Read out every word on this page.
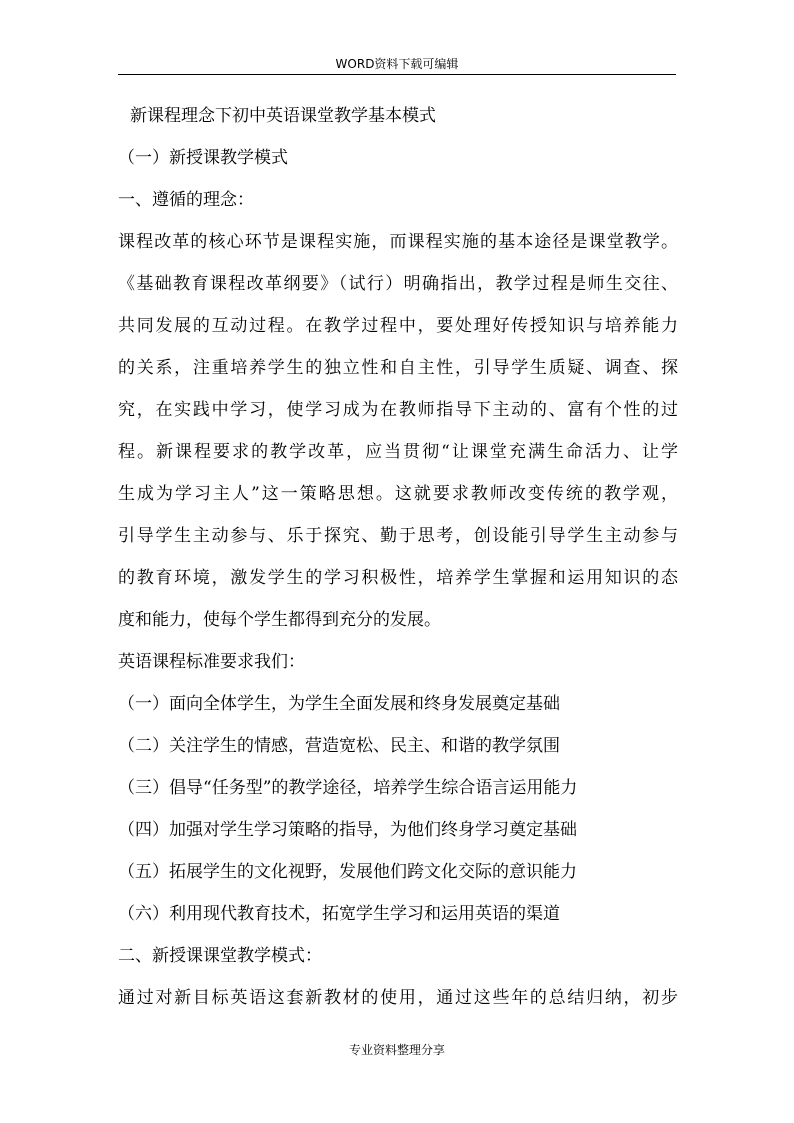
WORD资料下载可编辑
新课程理念下初中英语课堂教学基本模式
（一）新授课教学模式
一、遵循的理念：
课程改革的核心环节是课程实施，而课程实施的基本途径是课堂教学。
《基础教育课程改革纲要》（试行）明确指出，教学过程是师生交往、
共同发展的互动过程。在教学过程中，要处理好传授知识与培养能力
的关系，注重培养学生的独立性和自主性，引导学生质疑、调查、探
究，在实践中学习，使学习成为在教师指导下主动的、富有个性的过
程。新课程要求的教学改革，应当贯彻“让课堂充满生命活力、让学
生成为学习主人”这一策略思想。这就要求教师改变传统的教学观，
引导学生主动参与、乐于探究、勤于思考，创设能引导学生主动参与
的教育环境，激发学生的学习积极性，培养学生掌握和运用知识的态
度和能力，使每个学生都得到充分的发展。
英语课程标准要求我们：
（一）面向全体学生，为学生全面发展和终身发展奠定基础
（二）关注学生的情感，营造宽松、民主、和谐的教学氛围
（三）倡导“任务型”的教学途径，培养学生综合语言运用能力
（四）加强对学生学习策略的指导，为他们终身学习奠定基础
（五）拓展学生的文化视野，发展他们跨文化交际的意识能力
（六）利用现代教育技术，拓宽学生学习和运用英语的渠道
二、新授课课堂教学模式：
通过对新目标英语这套新教材的使用，通过这些年的总结归纳，初步
专业资料整理分享
